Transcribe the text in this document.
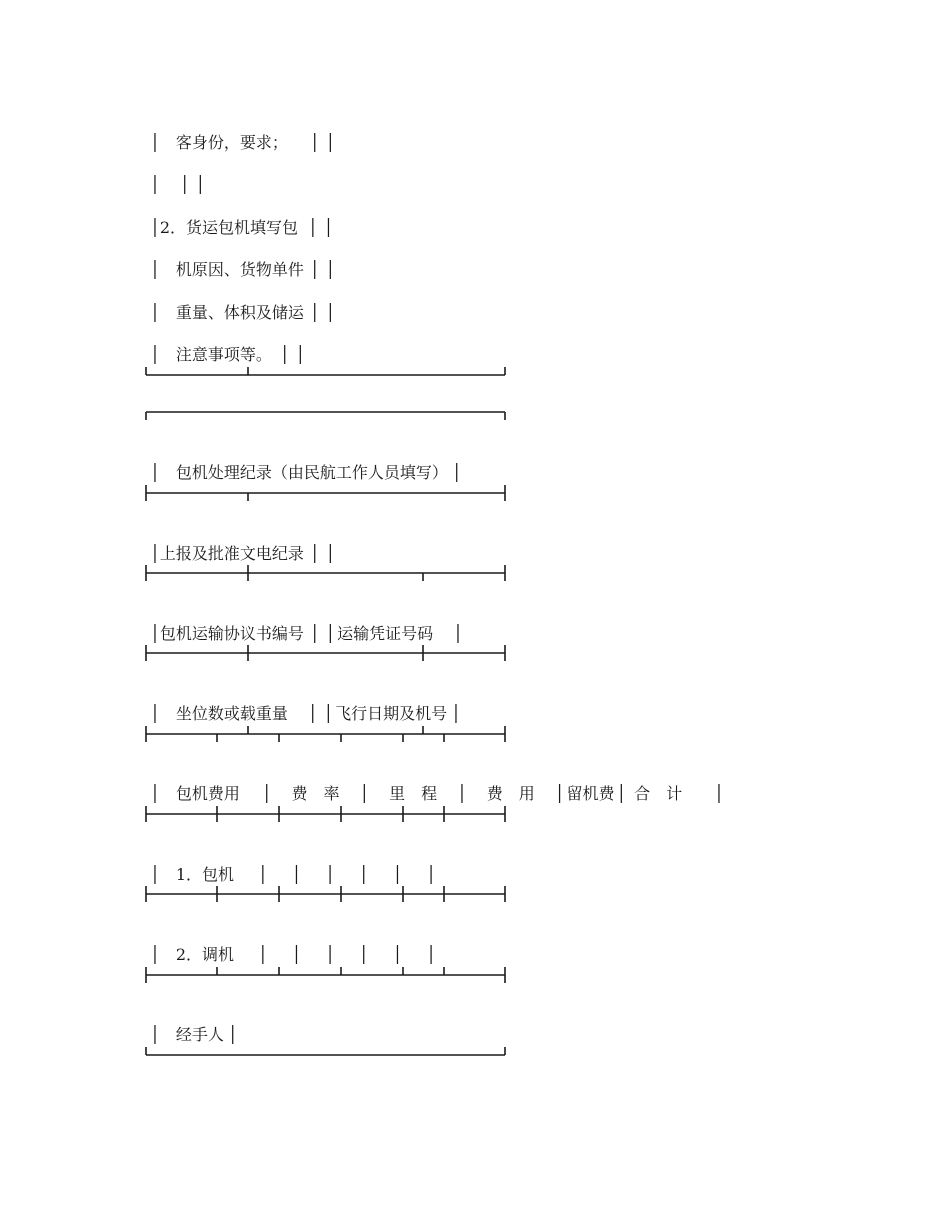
│ 客身份，要求； │ │

│ │ │

│2．货运包机填写包 │ │

│ 机原因、货物单件 │ │

│ 重量、体积及储运 │ │

│ 注意事项等。 │ │

│ 包机处理纪录（由民航工作人员填写） │

│上报及批准文电纪录 │ │

│包机运输协议书编号 │ │ 运输凭证号码 │

│ 坐位数或载重量 │ │ 飞行日期及机号 │

│ 包机费用 │ 费　率 │ 里　程 │ 费　用 │ 留机费 │ 合　计 │

│ 1．包机 │ │ │ │ │ │

│ 2．调机 │ │ │ │ │ │

│ 经手人 │
